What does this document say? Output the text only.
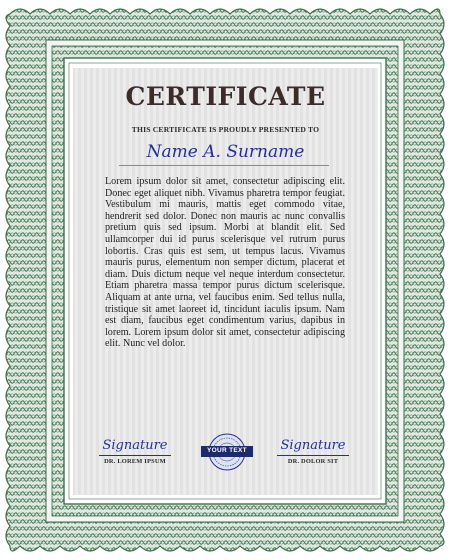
CERTIFICATE
THIS CERTIFICATE IS PROUDLY PRESENTED TO
Name A. Surname
Lorem ipsum dolor sit amet, consectetur adipiscing elit. Donec eget aliquet nibh. Vivamus pharetra tempor feugiat. Vestibulum mi mauris, mattis eget commodo vitae, hendrerit sed dolor. Donec non mauris ac nunc convallis pretium quis sed ipsum. Morbi at blandit elit. Sed ullamcorper dui id purus scelerisque vel rutrum purus lobortis. Cras quis est sem, ut tempus lacus. Vivamus mauris purus, elementum non semper dictum, placerat et diam. Duis dictum neque vel neque interdum consectetur. Etiam pharetra massa tempor purus dictum scelerisque. Aliquam at ante urna, vel faucibus enim. Sed tellus nulla, tristique sit amet laoreet id, tincidunt iaculis ipsum. Nam est diam, faucibus eget condimentum varius, dapibus in lorem. Lorem ipsum dolor sit amet, consectetur adipiscing elit. Nunc vel dolor.
Signature
DR. LOREM IPSUM
YOUR TEXT	Signature
DR. DOLOR SIT
